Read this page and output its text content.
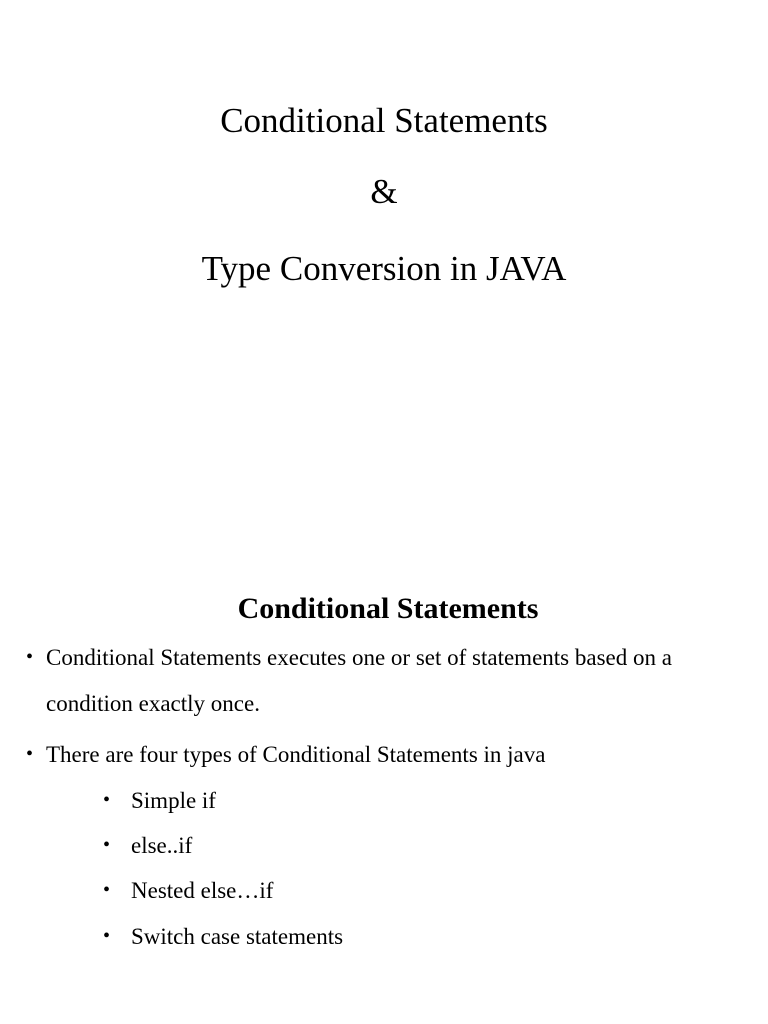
Conditional Statements
&
Type Conversion in JAVA
Conditional Statements
• Conditional Statements executes one or set of statements based on a
condition exactly once.
• There are four types of Conditional Statements in java
• Simple if
• else..if
• Nested else…if
• Switch case statements
